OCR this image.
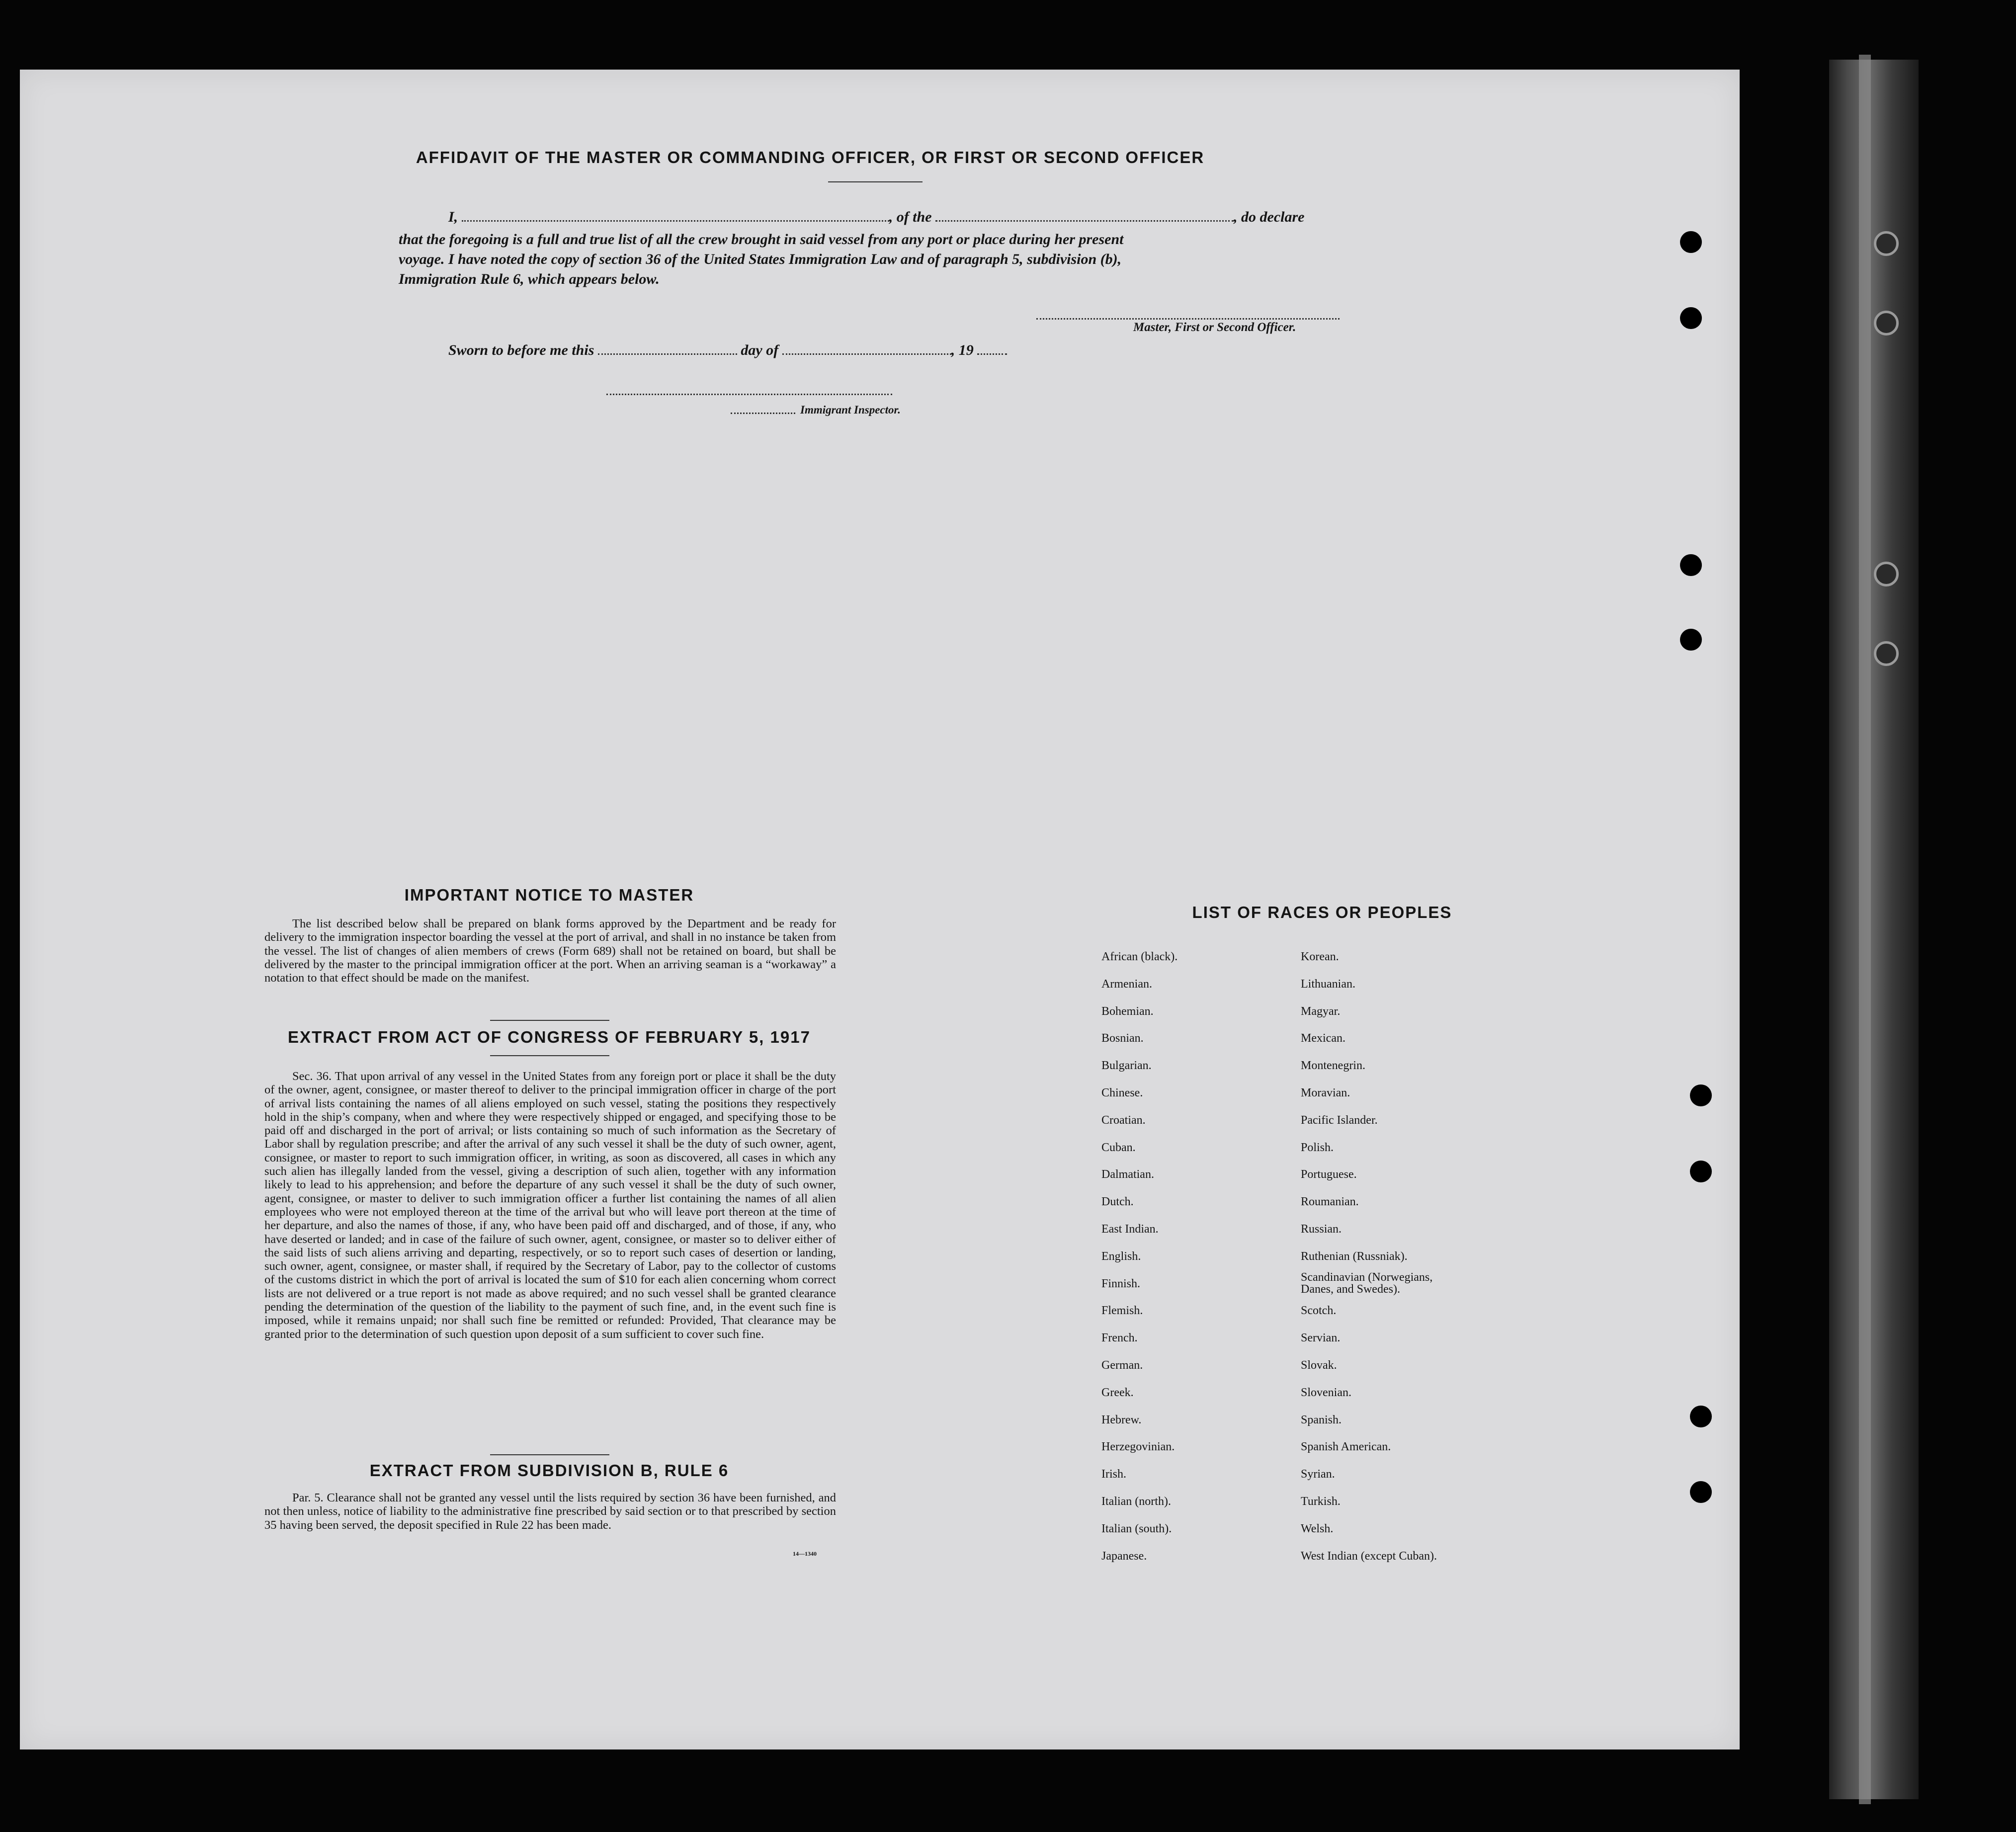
AFFIDAVIT OF THE MASTER OR COMMANDING OFFICER, OR FIRST OR SECOND OFFICER
I,	, of the	, do declare
that the foregoing is a full and true list of all the crew brought in said vessel from any port or place during her present
voyage. I have noted the copy of section 36 of the United States Immigration Law and of paragraph 5, subdivision (b),
Immigration Rule 6, which appears below.
Master, First or Second Officer.
Sworn to before me this	day of	, 19
Immigrant Inspector.
IMPORTANT NOTICE TO MASTER
The list described below shall be prepared on blank forms approved by the Department and be ready for delivery to the immigration inspector boarding the vessel at the port of arrival, and shall in no instance be taken from the vessel. The list of changes of alien members of crews (Form 689) shall not be retained on board, but shall be delivered by the master to the principal immigration officer at the port. When an arriving seaman is a “workaway” a notation to that effect should be made on the manifest.
EXTRACT FROM ACT OF CONGRESS OF FEBRUARY 5, 1917
Sec. 36. That upon arrival of any vessel in the United States from any foreign port or place it shall be the duty of the owner, agent, consignee, or master thereof to deliver to the principal immigration officer in charge of the port of arrival lists containing the names of all aliens employed on such vessel, stating the positions they respectively hold in the ship’s company, when and where they were respectively shipped or engaged, and specifying those to be paid off and discharged in the port of arrival; or lists containing so much of such information as the Secretary of Labor shall by regulation prescribe; and after the arrival of any such vessel it shall be the duty of such owner, agent, consignee, or master to report to such immigration officer, in writing, as soon as discovered, all cases in which any such alien has illegally landed from the vessel, giving a description of such alien, together with any information likely to lead to his apprehension; and before the departure of any such vessel it shall be the duty of such owner, agent, consignee, or master to deliver to such immigration officer a further list containing the names of all alien employees who were not employed thereon at the time of the arrival but who will leave port thereon at the time of her departure, and also the names of those, if any, who have been paid off and discharged, and of those, if any, who have deserted or landed; and in case of the failure of such owner, agent, consignee, or master so to deliver either of the said lists of such aliens arriving and departing, respectively, or so to report such cases of desertion or landing, such owner, agent, consignee, or master shall, if required by the Secretary of Labor, pay to the collector of customs of the customs district in which the port of arrival is located the sum of $10 for each alien concerning whom correct lists are not delivered or a true report is not made as above required; and no such vessel shall be granted clearance pending the determination of the question of the liability to the payment of such fine, and, in the event such fine is imposed, while it remains unpaid; nor shall such fine be remitted or refunded: Provided, That clearance may be granted prior to the determination of such question upon deposit of a sum sufficient to cover such fine.
EXTRACT FROM SUBDIVISION B, RULE 6
Par. 5. Clearance shall not be granted any vessel until the lists required by section 36 have been furnished, and not then unless, notice of liability to the administrative fine prescribed by said section or to that prescribed by section 35 having been served, the deposit specified in Rule 22 has been made.
14—1340
LIST OF RACES OR PEOPLES
African (black).
Armenian.
Bohemian.
Bosnian.
Bulgarian.
Chinese.
Croatian.
Cuban.
Dalmatian.
Dutch.
East Indian.
English.
Finnish.
Flemish.
French.
German.
Greek.
Hebrew.
Herzegovinian.
Irish.
Italian (north).
Italian (south).
Japanese.
Korean.
Lithuanian.
Magyar.
Mexican.
Montenegrin.
Moravian.
Pacific Islander.
Polish.
Portuguese.
Roumanian.
Russian.
Ruthenian (Russniak).
Scandinavian (Norwegians, Danes, and Swedes).
Scotch.
Servian.
Slovak.
Slovenian.
Spanish.
Spanish American.
Syrian.
Turkish.
Welsh.
West Indian (except Cuban).
